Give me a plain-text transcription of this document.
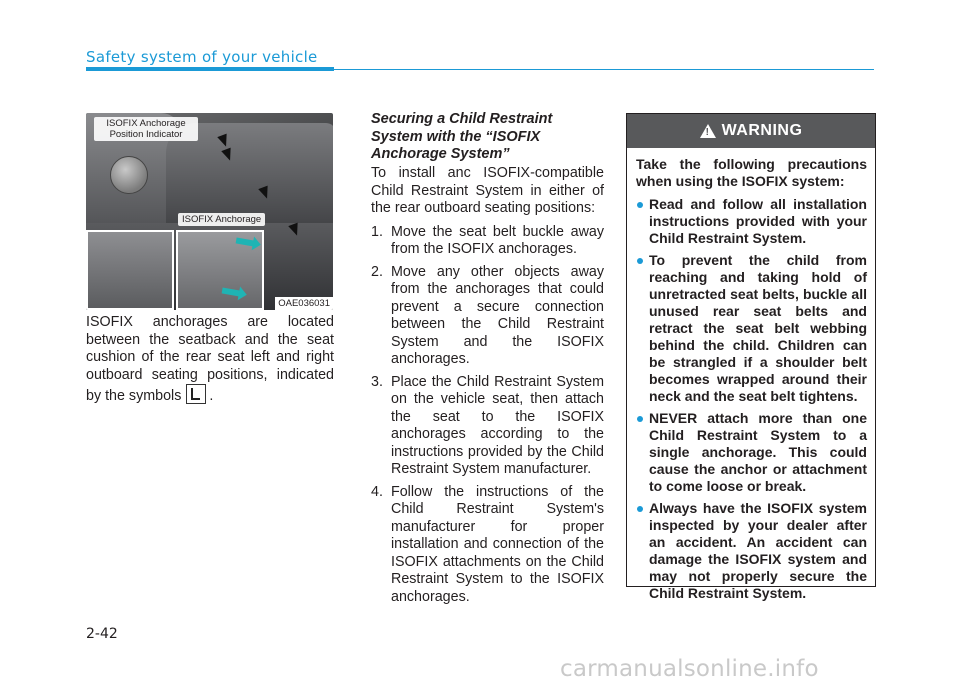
Safety system of your vehicle
ISOFIX Anchorage Position Indicator
ISOFIX Anchorage
OAE036031

ISOFIX anchorages are located between the seatback and the seat cushion of the rear seat left and right outboard seating positions, indicated by the symbols .

Securing a Child Restraint System with the “ISOFIX Anchorage System”

To install anc ISOFIX-compatible Child Restraint System in either of the rear outboard seating positions:

1. Move the seat belt buckle away from the ISOFIX anchorages.
2. Move any other objects away from the anchorages that could prevent a secure connection between the Child Restraint System and the ISOFIX anchorages.
3. Place the Child Restraint System on the vehicle seat, then attach the seat to the ISOFIX anchorages according to the instructions provided by the Child Restraint System manufacturer.
4. Follow the instructions of the Child Restraint System's manufacturer for proper installation and connection of the ISOFIX attachments on the Child Restraint System to the ISOFIX anchorages.
! WARNING

Take the following precautions when using the ISOFIX system:

Read and follow all installation instructions provided with your Child Restraint System.
To prevent the child from reaching and taking hold of unretracted seat belts, buckle all unused rear seat belts and retract the seat belt webbing behind the child. Children can be strangled if a shoulder belt becomes wrapped around their neck and the seat belt tightens.
NEVER attach more than one Child Restraint System to a single anchorage. This could cause the anchor or attachment to come loose or break.
Always have the ISOFIX system inspected by your dealer after an accident. An accident can damage the ISOFIX system and may not properly secure the Child Restraint System.
2-42
carmanualsonline.info
